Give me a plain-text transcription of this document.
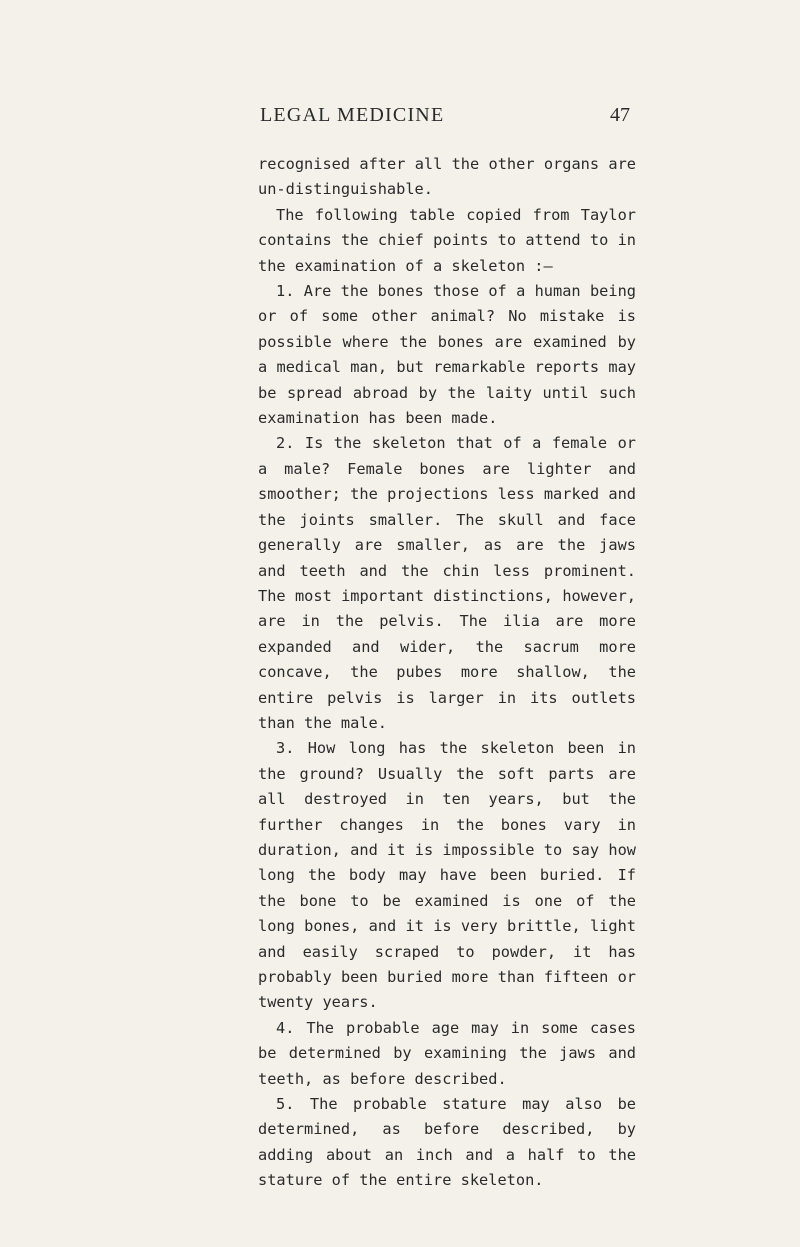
LEGAL MEDICINE	47

recognised after all the other organs are un-distinguishable.

The following table copied from Taylor contains the chief points to attend to in the examination of a skeleton :—

1. Are the bones those of a human being or of some other animal? No mistake is possible where the bones are examined by a medical man, but remarkable reports may be spread abroad by the laity until such examination has been made.

2. Is the skeleton that of a female or a male? Female bones are lighter and smoother; the projections less marked and the joints smaller. The skull and face generally are smaller, as are the jaws and teeth and the chin less prominent. The most important distinctions, however, are in the pelvis. The ilia are more expanded and wider, the sacrum more concave, the pubes more shallow, the entire pelvis is larger in its outlets than the male.

3. How long has the skeleton been in the ground? Usually the soft parts are all destroyed in ten years, but the further changes in the bones vary in duration, and it is impossible to say how long the body may have been buried. If the bone to be examined is one of the long bones, and it is very brittle, light and easily scraped to powder, it has probably been buried more than fifteen or twenty years.

4. The probable age may in some cases be determined by examining the jaws and teeth, as before described.

5. The probable stature may also be determined, as before described, by adding about an inch and a half to the stature of the entire skeleton.
